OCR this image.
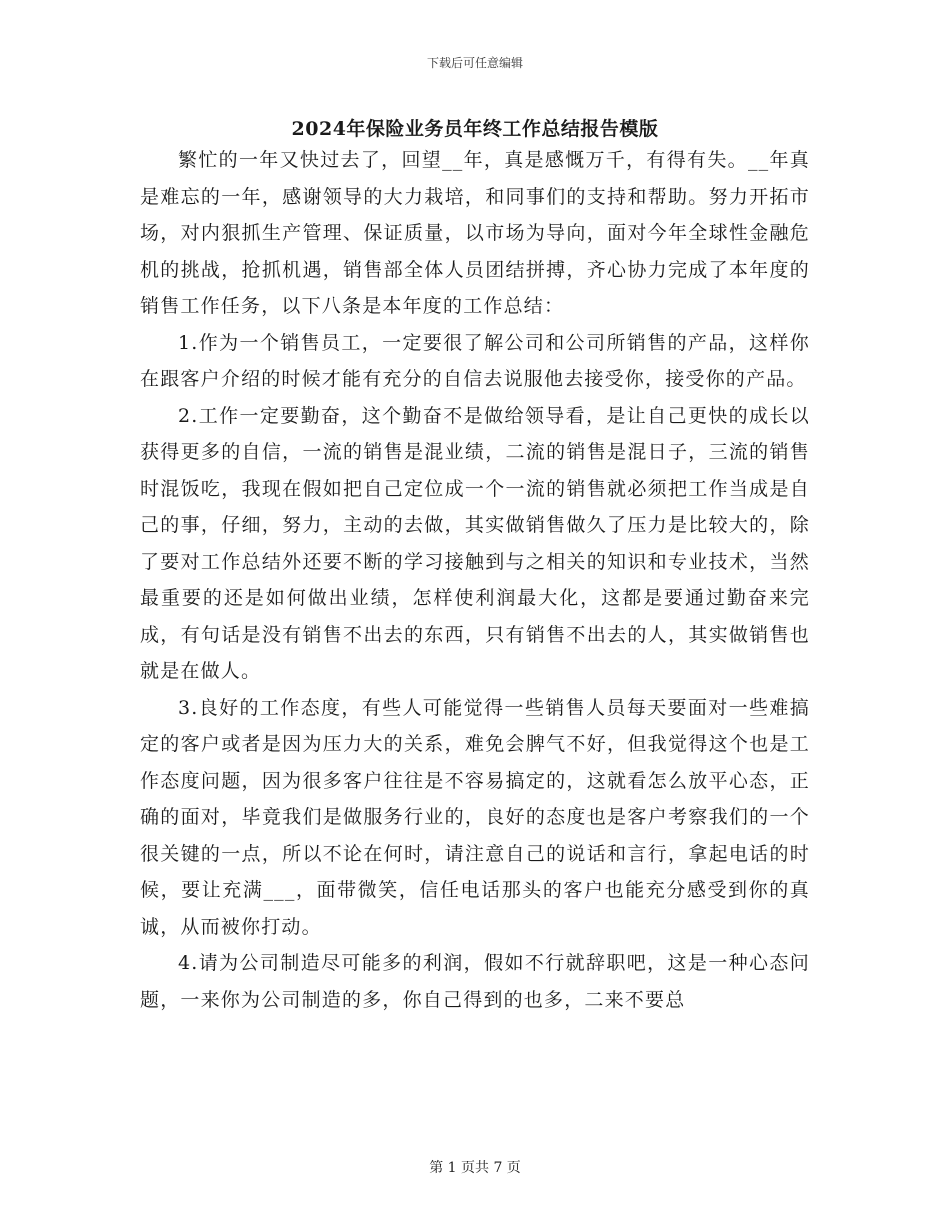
下载后可任意编辑
2024年保险业务员年终工作总结报告模版

繁忙的一年又快过去了，回望__年，真是感慨万千，有得有失。__年真是难忘的一年，感谢领导的大力栽培，和同事们的支持和帮助。努力开拓市场，对内狠抓生产管理、保证质量，以市场为导向，面对今年全球性金融危机的挑战，抢抓机遇，销售部全体人员团结拼搏，齐心协力完成了本年度的销售工作任务，以下八条是本年度的工作总结：

1.作为一个销售员工，一定要很了解公司和公司所销售的产品，这样你在跟客户介绍的时候才能有充分的自信去说服他去接受你，接受你的产品。

2.工作一定要勤奋，这个勤奋不是做给领导看，是让自己更快的成长以获得更多的自信，一流的销售是混业绩，二流的销售是混日子，三流的销售时混饭吃，我现在假如把自己定位成一个一流的销售就必须把工作当成是自己的事，仔细，努力，主动的去做，其实做销售做久了压力是比较大的，除了要对工作总结外还要不断的学习接触到与之相关的知识和专业技术，当然最重要的还是如何做出业绩，怎样使利润最大化，这都是要通过勤奋来完成，有句话是没有销售不出去的东西，只有销售不出去的人，其实做销售也就是在做人。

3.良好的工作态度，有些人可能觉得一些销售人员每天要面对一些难搞定的客户或者是因为压力大的关系，难免会脾气不好，但我觉得这个也是工作态度问题，因为很多客户往往是不容易搞定的，这就看怎么放平心态，正确的面对，毕竟我们是做服务行业的，良好的态度也是客户考察我们的一个很关键的一点，所以不论在何时，请注意自己的说话和言行，拿起电话的时候，要让充满___，面带微笑，信任电话那头的客户也能充分感受到你的真诚，从而被你打动。

4.请为公司制造尽可能多的利润，假如不行就辞职吧，这是一种心态问题，一来你为公司制造的多，你自己得到的也多，二来不要总

第 1 页共 7 页
